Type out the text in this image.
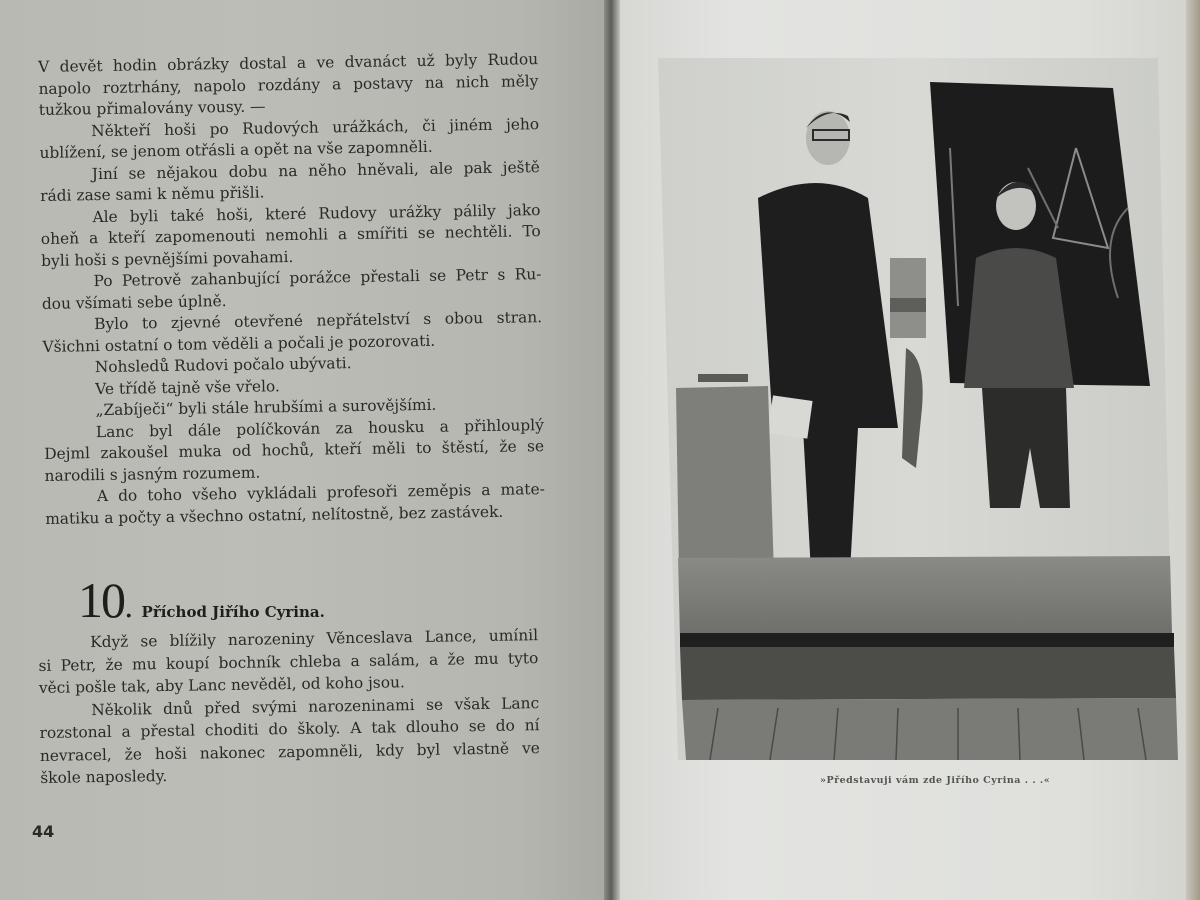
V devět hodin obrázky dostal a ve dvanáct už byly Rudou
napolo roztrhány, napolo rozdány a postavy na nich měly
tužkou přimalovány vousy. —
Někteří hoši po Rudových urážkách, či jiném jeho
ublížení, se jenom otřásli a opět na vše zapomněli.
Jiní se nějakou dobu na něho hněvali, ale pak ještě
rádi zase sami k němu přišli.
Ale byli také hoši, které Rudovy urážky pálily jako
oheň a kteří zapomenouti nemohli a smířiti se nechtěli. To
byli hoši s pevnějšími povahami.
Po Petrově zahanbující porážce přestali se Petr s Ru-
dou všímati sebe úplně.
Bylo to zjevné otevřené nepřátelství s obou stran.
Všichni ostatní o tom věděli a počali je pozorovati.
Nohsledů Rudovi počalo ubývati.
Ve třídě tajně vše vřelo.
„Zabíječi“ byli stále hrubšími a surovějšími.
Lanc byl dále políčkován za housku a přihlouplý
Dejml zakoušel muka od hochů, kteří měli to štěstí, že se
narodili s jasným rozumem.
A do toho všeho vykládali profesoři zeměpis a mate-
matiku a počty a všechno ostatní, nelítostně, bez zastávek.
10 . Příchod Jiřího Cyrina.
Když se blížily narozeniny Věnceslava Lance, umínil
si Petr, že mu koupí bochník chleba a salám, a že mu tyto
věci pošle tak, aby Lanc nevěděl, od koho jsou.
Několik dnů před svými narozeninami se však Lanc
rozstonal a přestal choditi do školy. A tak dlouho se do ní
nevracel, že hoši nakonec zapomněli, kdy byl vlastně ve
škole naposledy.
44
»Představuji vám zde Jiřího Cyrina . . .«
